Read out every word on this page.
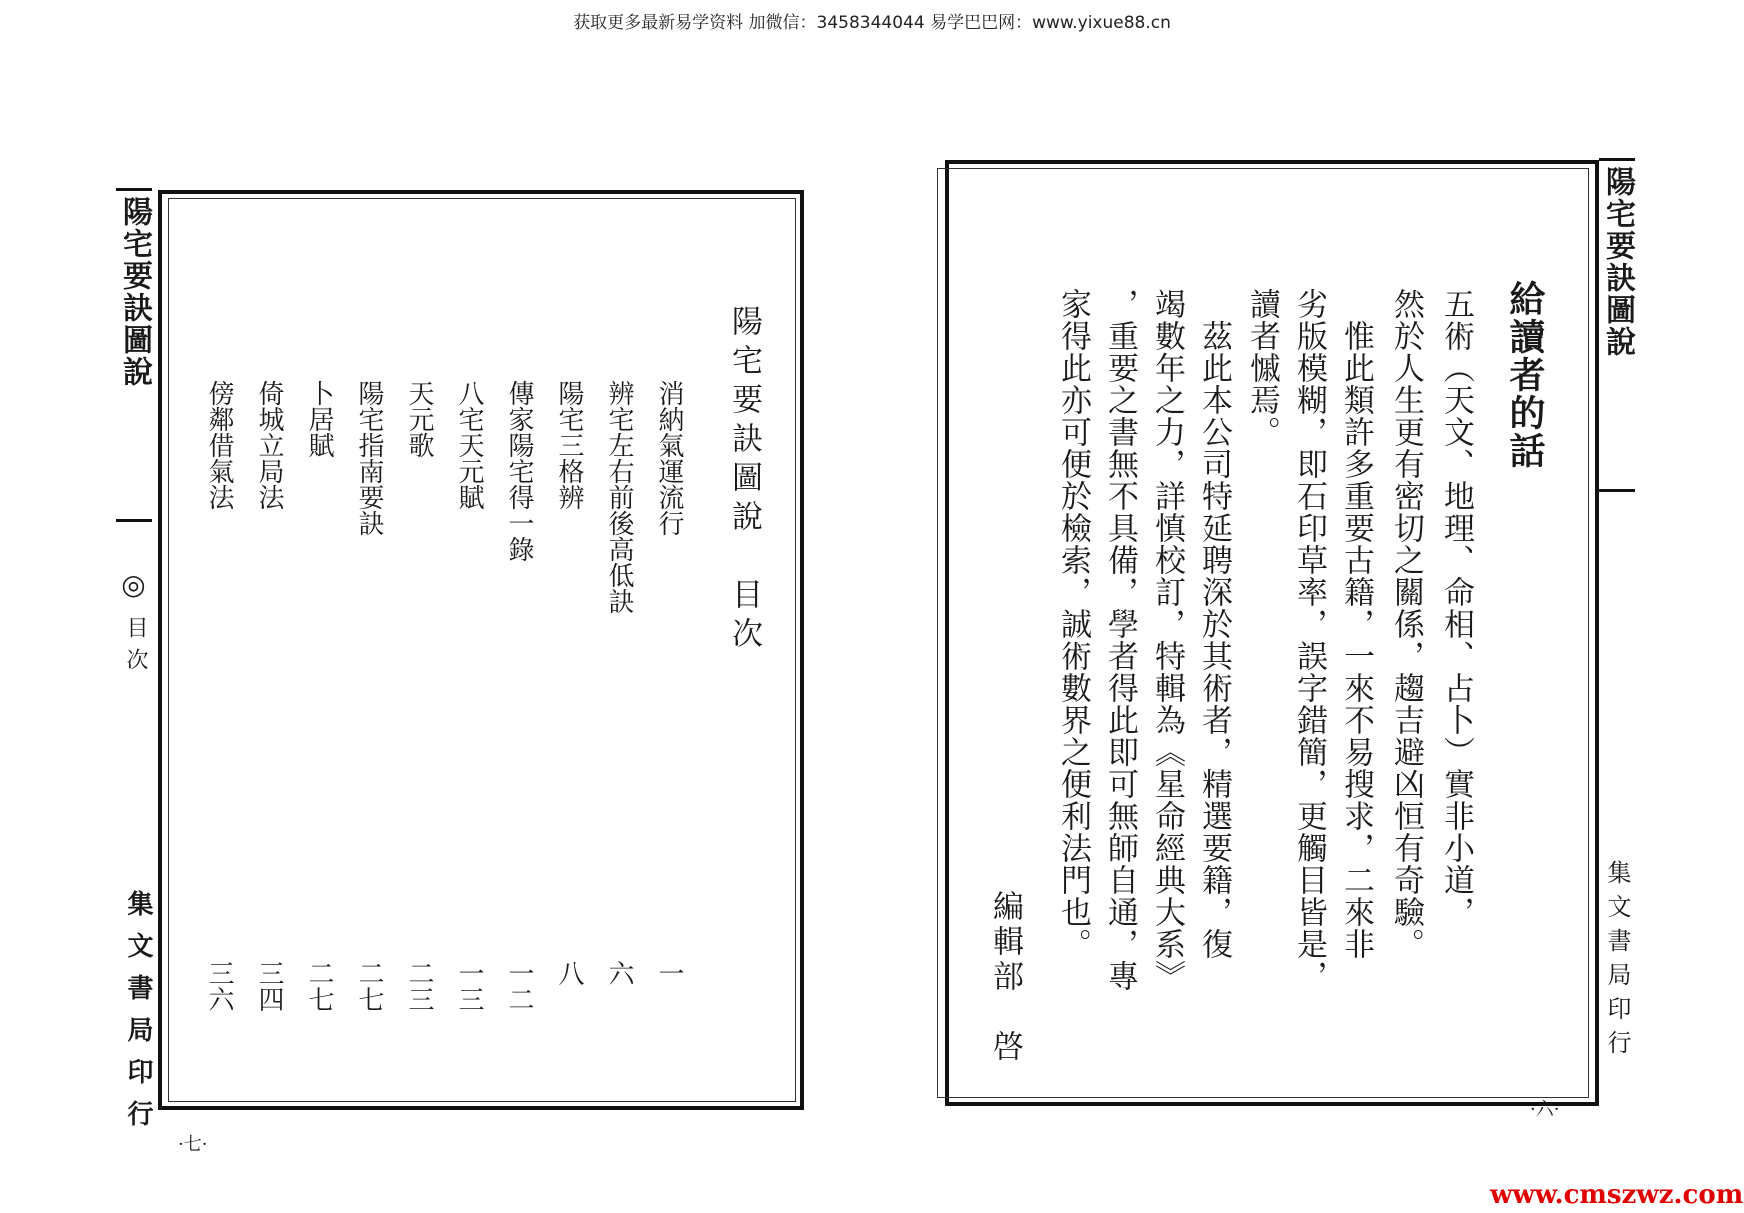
获取更多最新易学资料 加微信：3458344044 易学巴巴网：www.yixue88.cn
陽宅要訣圖說
◎
目次
集文書局印行
陽宅要訣圖說　目次
消納氣運流行
一
辨宅左右前後高低訣
六
陽宅三格辨
八
傳家陽宅得一錄
一二
八宅天元賦
一三
天元歌
二三
陽宅指南要訣
二七
卜居賦
二七
倚城立局法
三四
傍鄰借氣法
三六
·七·
陽宅要訣圖說
集文書局印行
給讀者的話
五術（天文、地理、命相、占卜）實非小道，
然於人生更有密切之關係，趨吉避凶恒有奇驗。
　惟此類許多重要古籍，一來不易搜求，二來非
劣版模糊，即石印草率，誤字錯簡，更觸目皆是，
讀者慽焉。
　茲此本公司特延聘深於其術者，精選要籍，復
竭數年之力，詳慎校訂，特輯為《星命經典大系》
，重要之書無不具備，學者得此即可無師自通，專
家得此亦可便於檢索，誠術數界之便利法門也。
編輯部　啓
·六·
www.cmszwz.com
